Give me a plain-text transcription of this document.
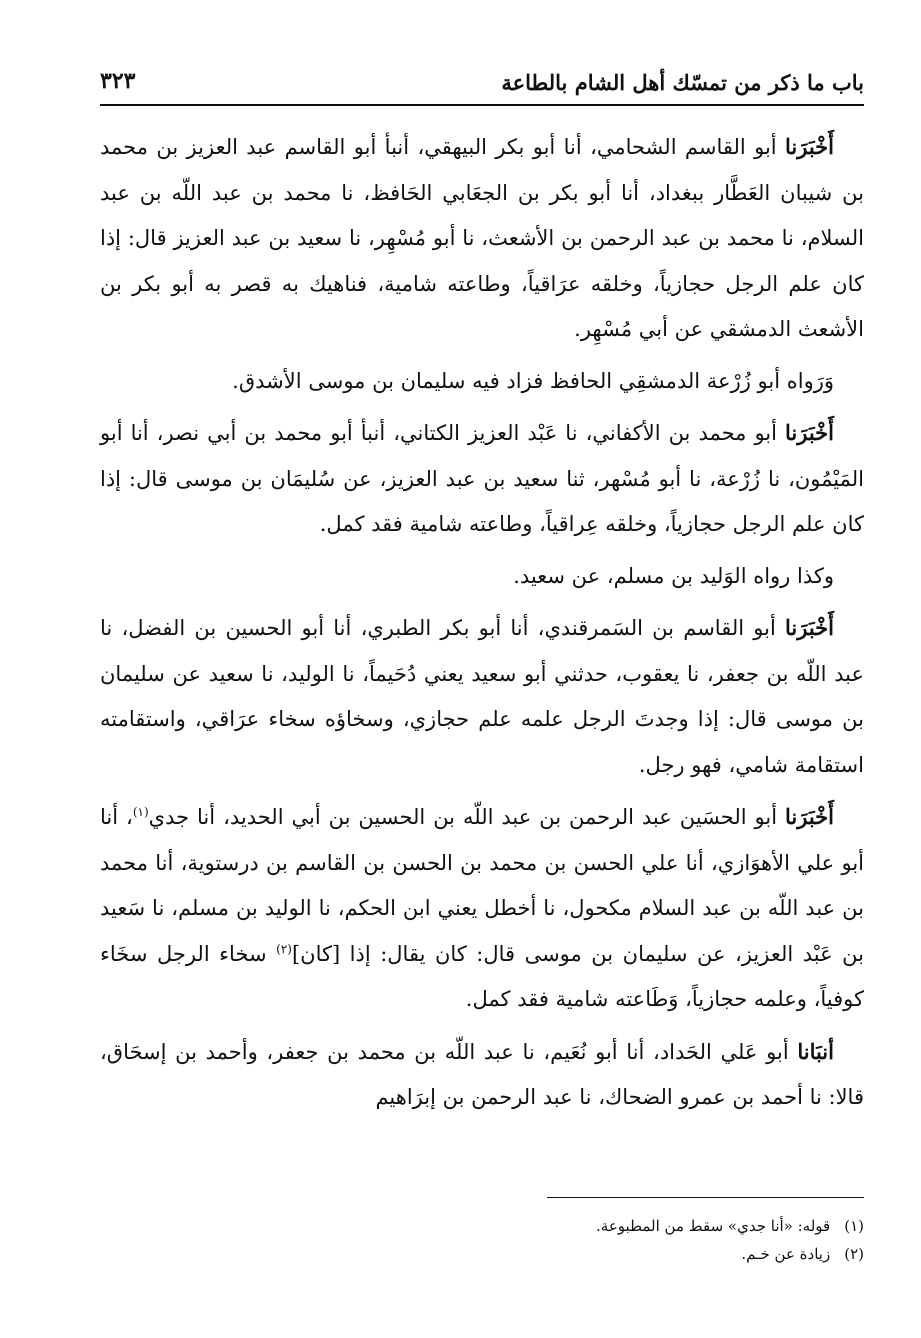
باب ما ذكر من تمسّك أهل الشام بالطاعة
٣٢٣

أَخْبَرَنا أبو القاسم الشحامي، أنا أبو بكر البيهقي، أنبأ أبو القاسم عبد العزيز بن محمد بن شيبان العَطَّار ببغداد، أنا أبو بكر بن الجعَابي الحَافظ، نا محمد بن عبد اللّه بن عبد السلام، نا محمد بن عبد الرحمن بن الأشعث، نا أبو مُسْهِر، نا سعيد بن عبد العزيز قال: إذا كان علم الرجل حجازياً، وخلقه عرَاقياً، وطاعته شامية، فناهيك به قصر به أبو بكر بن الأشعث الدمشقي عن أبي مُسْهِر.

وَرَواه أبو زُرْعة الدمشقِي الحافظ فزاد فيه سليمان بن موسى الأشدق.

أَخْبَرَنا أبو محمد بن الأكفاني، نا عَبْد العزيز الكتاني، أنبأ أبو محمد بن أبي نصر، أنا أبو المَيْمُون، نا زُرْعة، نا أبو مُسْهر، ثنا سعيد بن عبد العزيز، عن سُليمَان بن موسى قال: إذا كان علم الرجل حجازياً، وخلقه عِراقياً، وطاعته شامية فقد كمل.

وكذا رواه الوَليد بن مسلم، عن سعيد.

أَخْبَرَنا أبو القاسم بن السَمرقندي، أنا أبو بكر الطبري، أنا أبو الحسين بن الفضل، نا عبد اللّه بن جعفر، نا يعقوب، حدثني أبو سعيد يعني دُحَيماً، نا الوليد، نا سعيد عن سليمان بن موسى قال: إذا وجدتَ الرجل علمه علم حجازي، وسخاؤه سخاء عرَاقي، واستقامته استقامة شامي، فهو رجل.

أَخْبَرَنا أبو الحسَين عبد الرحمن بن عبد اللّه بن الحسين بن أبي الحديد، أنا جدي$^{(١)}$، أنا أبو علي الأهوَازي، أنا علي الحسن بن محمد بن الحسن بن القاسم بن درستوية، أنا محمد بن عبد اللّه بن عبد السلام مكحول، نا أخطل يعني ابن الحكم، نا الوليد بن مسلم، نا سَعيد بن عَبْد العزيز، عن سليمان بن موسى قال: كان يقال: إذا [كان]$^{(٢)}$ سخاء الرجل سخَاء كوفياً، وعلمه حجازياً، وَطَاعته شامية فقد كمل.

أنبَانا أبو عَلي الحَداد، أنا أبو نُعَيم، نا عبد اللّه بن محمد بن جعفر، وأحمد بن إسحَاق، قالا: نا أحمد بن عمرو الضحاك، نا عبد الرحمن بن إبرَاهيم

(١)قوله: «أنا جدي» سقط من المطبوعة.
(٢)زيادة عن خـم.
